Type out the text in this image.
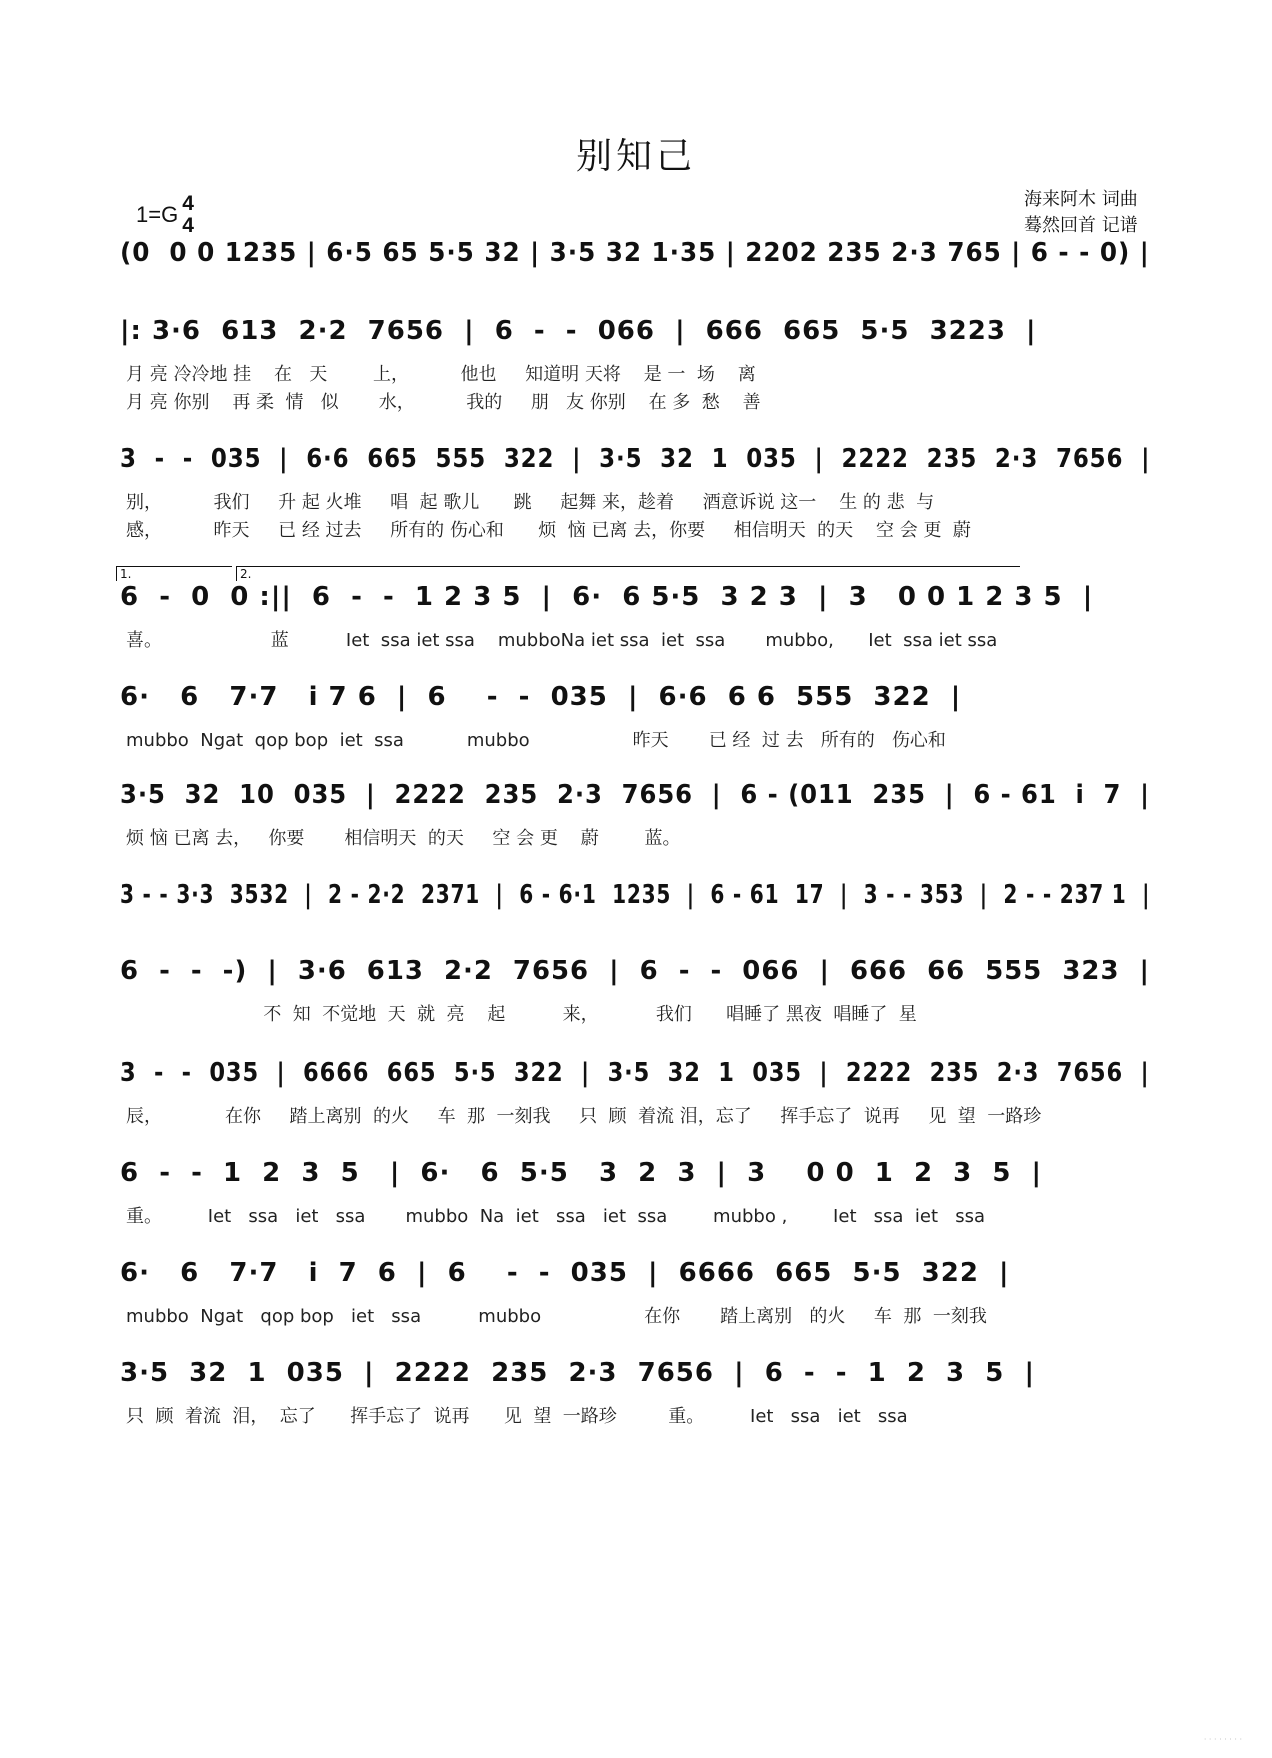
别知己
1=G 4
4
海来阿木 词曲
蓦然回首 记谱
(0  0 0 1235 | 6·5 65 5·5 32 | 3·5 32 1·35 | 2202 235 2·3 765 | 6 - - 0) |
|: 3·6  613  2·2  7656  |  6  -  -  066  |  666  665  5·5  3223  |
月 亮 冷冷地 挂    在   天        上，         他也     知道明 天将    是 一  场    离
月 亮 你别    再 柔  情   似       水，         我的     朋   友 你别    在 多  愁    善
3  -  -  035  |  6·6  665  555  322  |  3·5  32  1  035  |  2222  235  2·3  7656  |
别，         我们     升 起 火堆     唱  起 歌儿      跳     起舞 来，趁着     酒意诉说 这一    生 的 悲  与
感，         昨天     已 经 过去     所有的 伤心和      烦  恼 已离 去，你要     相信明天  的天    空 会 更  蔚
6  -  0  0 :||  6  -  -  1 2 3 5  |  6·  6 5·5  3 2 3  |  3   0 0 1 2 3 5  |
喜。                   蓝          Iet  ssa iet ssa    mubboNa iet ssa  iet  ssa       mubbo,      Iet  ssa iet ssa
6·   6   7·7   i 7 6  |  6    -  -  035  |  6·6  6 6  555  322  |
mubbo  Ngat  qop bop  iet  ssa           mubbo                  昨天       已 经  过 去   所有的   伤心和
3·5  32  10  035  |  2222  235  2·3  7656  |  6 - (011  235  |  6 - 61  i  7  |
烦 恼 已离 去，   你要       相信明天  的天     空 会 更    蔚        蓝。
3 - - 3·3  3532  |  2 - 2·2  2371  |  6 - 6·1  1235  |  6 - 61  17  |  3 - - 353  |  2 - - 237 1  |
6  -  -  -)  |  3·6  613  2·2  7656  |  6  -  -  066  |  666  66  555  323  |
不  知  不觉地  天  就  亮    起          来，          我们      唱睡了 黑夜  唱睡了  星
3  -  -  035  |  6666  665  5·5  322  |  3·5  32  1  035  |  2222  235  2·3  7656  |
辰，           在你     踏上离别  的火     车  那  一刻我     只  顾  着流 泪，忘了     挥手忘了  说再     见  望  一路珍
6  -  -  1  2  3  5   |  6·   6  5·5   3  2  3  |  3    0 0  1  2  3  5  |
重。        Iet   ssa   iet   ssa       mubbo  Na  iet   ssa   iet  ssa        mubbo ,        Iet   ssa  iet   ssa
6·   6   7·7   i  7  6  |  6    -  -  035  |  6666  665  5·5  322  |
mubbo  Ngat   qop bop   iet   ssa          mubbo                  在你       踏上离别   的火     车  那  一刻我
3·5  32  1  035  |  2222  235  2·3  7656  |  6  -  -  1  2  3  5  |
只  顾  着流  泪，  忘了      挥手忘了  说再      见  望  一路珍         重。        Iet   ssa   iet   ssa
· · · · · · · ·
1.	2.
